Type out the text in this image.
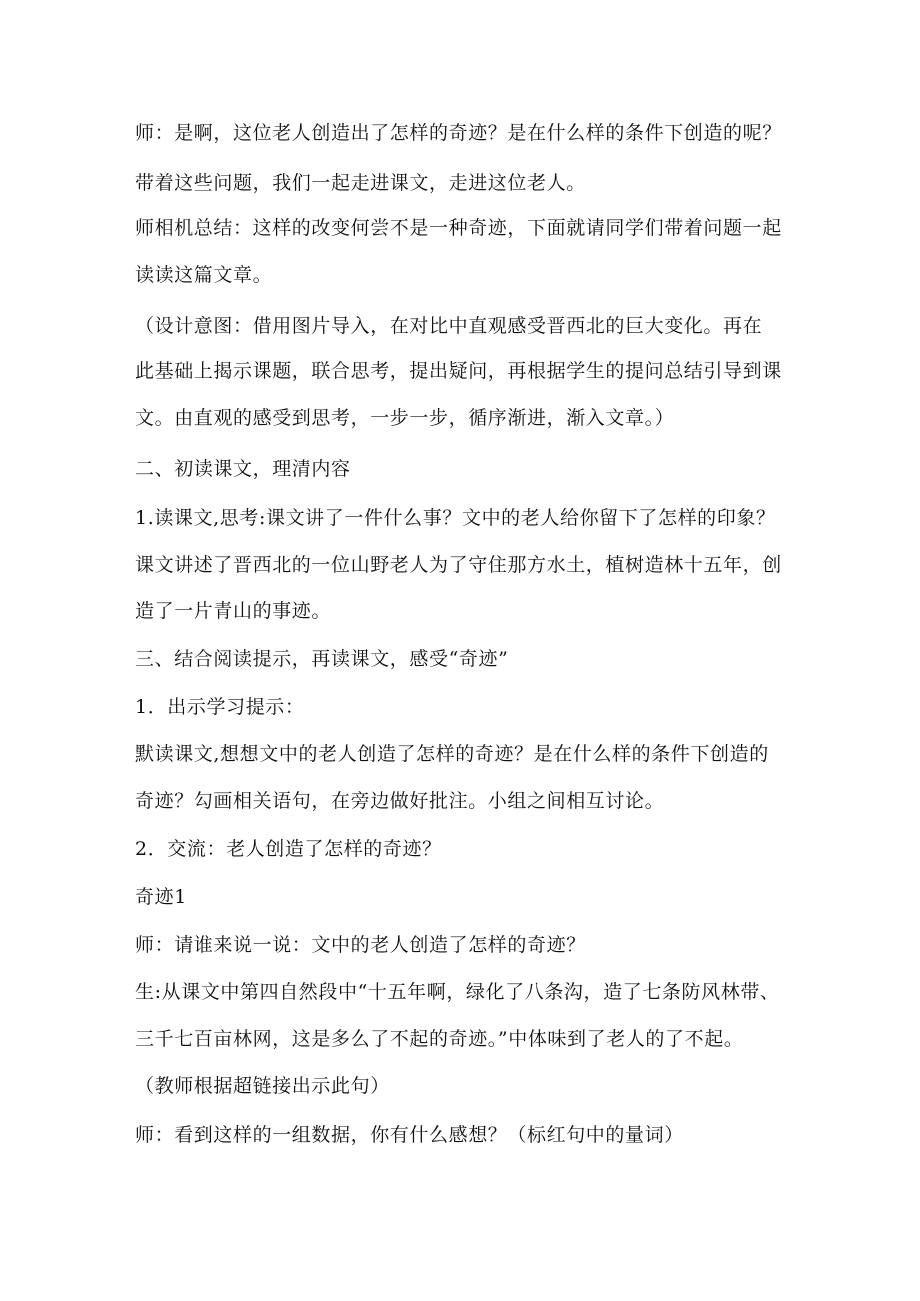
师：是啊，这位老人创造出了怎样的奇迹？是在什么样的条件下创造的呢？
带着这些问题，我们一起走进课文，走进这位老人。
师相机总结：这样的改变何尝不是一种奇迹，下面就请同学们带着问题一起
读读这篇文章。
（设计意图：借用图片导入，在对比中直观感受晋西北的巨大变化。再在
此基础上揭示课题，联合思考，提出疑问，再根据学生的提问总结引导到课
文。由直观的感受到思考，一步一步，循序渐进，渐入文章。）
二、初读课文，理清内容
1.读课文,思考:课文讲了一件什么事？文中的老人给你留下了怎样的印象？
课文讲述了晋西北的一位山野老人为了守住那方水土，植树造林十五年，创
造了一片青山的事迹。
三、结合阅读提示，再读课文，感受“奇迹”
1．出示学习提示：
默读课文,想想文中的老人创造了怎样的奇迹？是在什么样的条件下创造的
奇迹？勾画相关语句，在旁边做好批注。小组之间相互讨论。
2．交流：老人创造了怎样的奇迹？
奇迹1
师：请谁来说一说：文中的老人创造了怎样的奇迹？
生:从课文中第四自然段中“十五年啊，绿化了八条沟，造了七条防风林带、
三千七百亩林网，这是多么了不起的奇迹。”中体味到了老人的了不起。
（教师根据超链接出示此句）
师：看到这样的一组数据，你有什么感想？（标红句中的量词）
